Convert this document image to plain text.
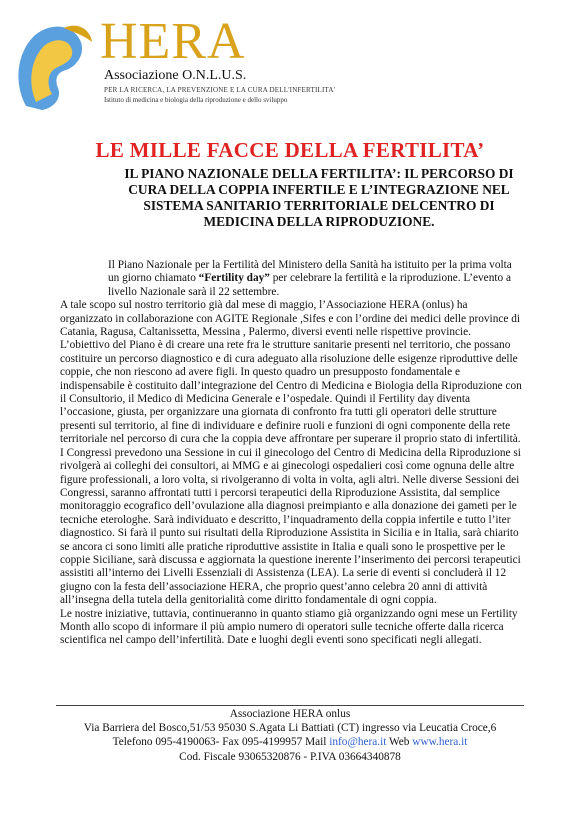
HERA
Associazione O.N.L.U.S.
PER LA RICERCA, LA PREVENZIONE E LA CURA DELL'INFERTILITA'
Istituto di medicina e biologia della riproduzione e dello sviluppo
LE MILLE FACCE DELLA FERTILITA’
IL PIANO NAZIONALE DELLA FERTILITA’: IL PERCORSO DI CURA DELLA COPPIA INFERTILE E L’INTEGRAZIONE NEL SISTEMA SANITARIO TERRITORIALE DELCENTRO DI MEDICINA DELLA RIPRODUZIONE.

Il Piano Nazionale per la Fertilità del Ministero della Sanità ha istituito per la prima volta un giorno chiamato “Fertility day” per celebrare la fertilità e la riproduzione. L’evento a livello Nazionale sarà il 22 settembre.

A tale scopo sul nostro territorio già dal mese di maggio, l’Associazione HERA (onlus) ha organizzato in collaborazione con AGITE Regionale ,Sifes e con l’ordine dei medici delle province di Catania, Ragusa, Caltanissetta, Messina , Palermo, diversi eventi nelle rispettive provincie. L’obiettivo del Piano è di creare una rete fra le strutture sanitarie presenti nel territorio, che possano costituire un percorso diagnostico e di cura adeguato alla risoluzione delle esigenze riproduttive delle coppie, che non riescono ad avere figli. In questo quadro un presupposto fondamentale e indispensabile è costituito dall’integrazione del Centro di Medicina e Biologia della Riproduzione con il Consultorio, il Medico di Medicina Generale e l’ospedale. Quindi il Fertility day diventa l’occasione, giusta, per organizzare una giornata di confronto fra tutti gli operatori delle strutture presenti sul territorio, al fine di individuare e definire ruoli e funzioni di ogni componente della rete territoriale nel percorso di cura che la coppia deve affrontare per superare il proprio stato di infertilità. I Congressi prevedono una Sessione in cui il ginecologo del Centro di Medicina della Riproduzione si rivolgerà ai colleghi dei consultori, ai MMG e ai ginecologi ospedalieri così come ognuna delle altre figure professionali, a loro volta, si rivolgeranno di volta in volta, agli altri. Nelle diverse Sessioni dei Congressi, saranno affrontati tutti i percorsi terapeutici della Riproduzione Assistita, dal semplice monitoraggio ecografico dell’ovulazione alla diagnosi preimpianto e alla donazione dei gameti per le tecniche eterologhe. Sarà individuato e descritto, l’inquadramento della coppia infertile e tutto l’iter diagnostico. Si farà il punto sui risultati della Riproduzione Assistita in Sicilia e in Italia, sarà chiarito se ancora ci sono limiti alle pratiche riproduttive assistite in Italia e quali sono le prospettive per le coppie Siciliane, sarà discussa e aggiornata la questione inerente l’inserimento dei percorsi terapeutici assistiti all’interno dei Livelli Essenziali di Assistenza (LEA). La serie di eventi si concluderà il 12 giugno con la festa dell’associazione HERA, che proprio quest’anno celebra 20 anni di attività all’insegna della tutela della genitorialità come diritto fondamentale di ogni coppia.

Le nostre iniziative, tuttavia, continueranno in quanto stiamo già organizzando ogni mese un Fertility Month allo scopo di informare il più ampio numero di operatori sulle tecniche offerte dalla ricerca scientifica nel campo dell’infertilità. Date e luoghi degli eventi sono specificati negli allegati.

Associazione HERA onlus
Via Barriera del Bosco,51/53 95030 S.Agata Li Battiati (CT) ingresso via Leucatia Croce,6
Telefono 095-4190063- Fax 095-4199957 Mail info@hera.it Web www.hera.it
Cod. Fiscale 93065320876 - P.IVA 03664340878
